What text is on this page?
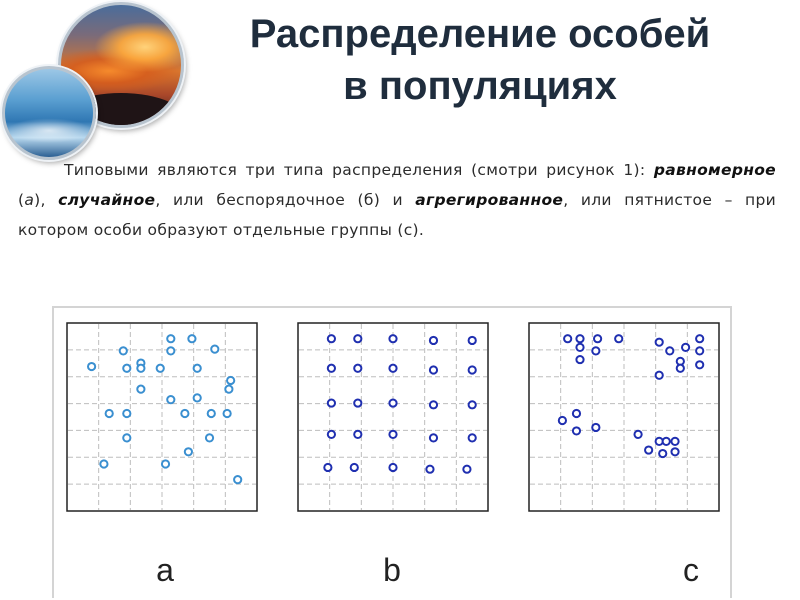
Распределение особей
в популяциях
Типовыми являются три типа распределения (смотри рисунок 1): равномерное (а), случайное, или беспорядочное (б) и агрегированное, или пятнистое – при котором особи образуют отдельные группы (с).
a	b	c
